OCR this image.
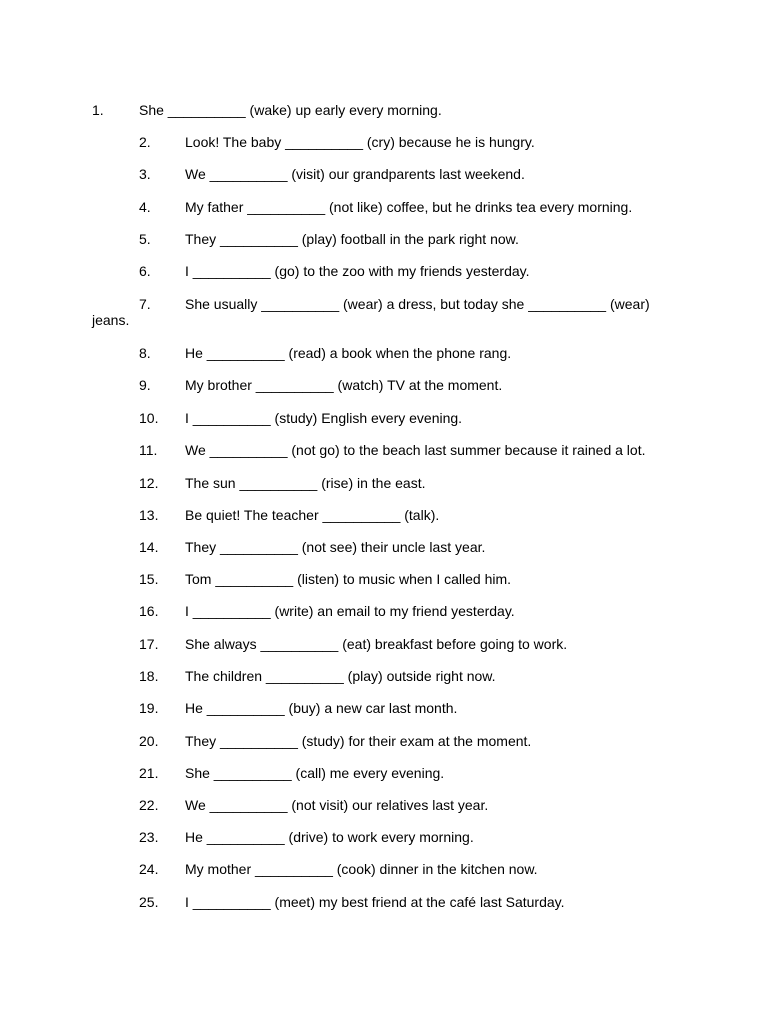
1.	She __________ (wake) up early every morning.
2. Look! The baby __________ (cry) because he is hungry.
3. We __________ (visit) our grandparents last weekend.
4. My father __________ (not like) coffee, but he drinks tea every morning.
5. They __________ (play) football in the park right now.
6. I __________ (go) to the zoo with my friends yesterday.
7. She usually __________ (wear) a dress, but today she __________ (wear)
jeans.
8. He __________ (read) a book when the phone rang.
9. My brother __________ (watch) TV at the moment.
10. I __________ (study) English every evening.
11. We __________ (not go) to the beach last summer because it rained a lot.
12. The sun __________ (rise) in the east.
13. Be quiet! The teacher __________ (talk).
14. They __________ (not see) their uncle last year.
15. Tom __________ (listen) to music when I called him.
16. I __________ (write) an email to my friend yesterday.
17. She always __________ (eat) breakfast before going to work.
18. The children __________ (play) outside right now.
19. He __________ (buy) a new car last month.
20. They __________ (study) for their exam at the moment.
21. She __________ (call) me every evening.
22. We __________ (not visit) our relatives last year.
23. He __________ (drive) to work every morning.
24. My mother __________ (cook) dinner in the kitchen now.
25. I __________ (meet) my best friend at the café last Saturday.
